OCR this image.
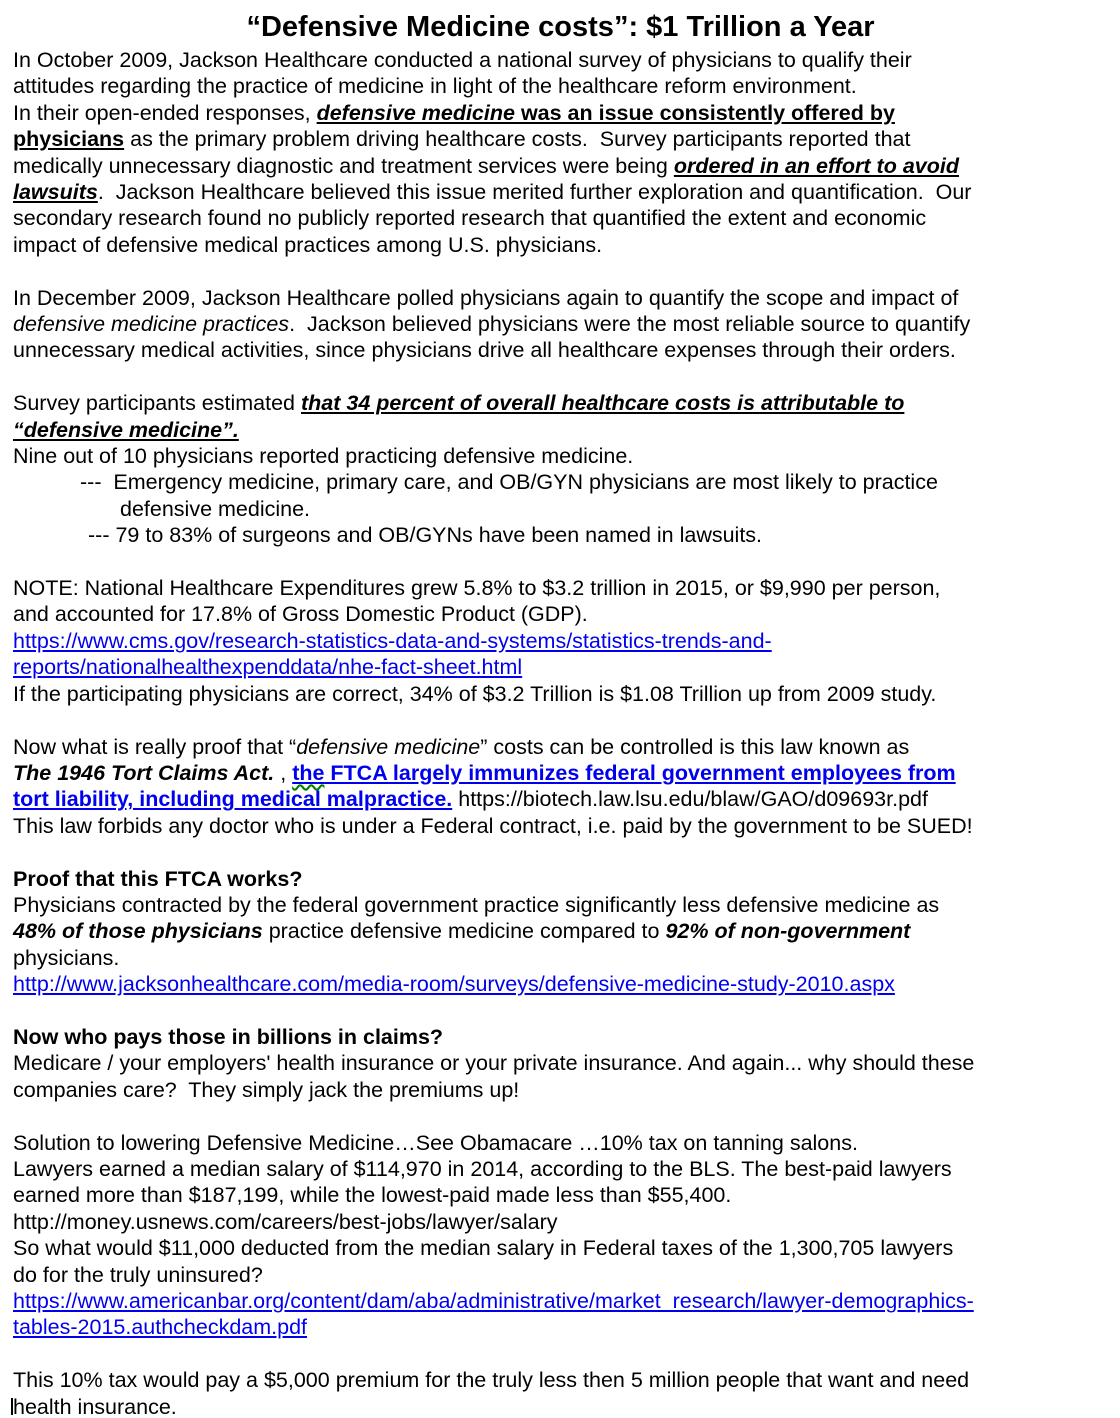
“Defensive Medicine costs”: $1 Trillion a Year
In October 2009, Jackson Healthcare conducted a national survey of physicians to qualify their
attitudes regarding the practice of medicine in light of the healthcare reform environment.
In their open-ended responses, defensive medicine was an issue consistently offered by
physicians as the primary problem driving healthcare costs.  Survey participants reported that
medically unnecessary diagnostic and treatment services were being ordered in an effort to avoid
lawsuits.  Jackson Healthcare believed this issue merited further exploration and quantification.  Our
secondary research found no publicly reported research that quantified the extent and economic
impact of defensive medical practices among U.S. physicians.
In December 2009, Jackson Healthcare polled physicians again to quantify the scope and impact of
defensive medicine practices.  Jackson believed physicians were the most reliable source to quantify
unnecessary medical activities, since physicians drive all healthcare expenses through their orders.
Survey participants estimated that 34 percent of overall healthcare costs is attributable to
“defensive medicine”.
Nine out of 10 physicians reported practicing defensive medicine.
---  Emergency medicine, primary care, and OB/GYN physicians are most likely to practice
defensive medicine.
--- 79 to 83% of surgeons and OB/GYNs have been named in lawsuits.
NOTE: National Healthcare Expenditures grew 5.8% to $3.2 trillion in 2015, or $9,990 per person,
and accounted for 17.8% of Gross Domestic Product (GDP).
https://www.cms.gov/research-statistics-data-and-systems/statistics-trends-and-
reports/nationalhealthexpenddata/nhe-fact-sheet.html
If the participating physicians are correct, 34% of $3.2 Trillion is $1.08 Trillion up from 2009 study.
Now what is really proof that “defensive medicine” costs can be controlled is this law known as
The 1946 Tort Claims Act. , the FTCA largely immunizes federal government employees from
tort liability, including medical malpractice. https://biotech.law.lsu.edu/blaw/GAO/d09693r.pdf
This law forbids any doctor who is under a Federal contract, i.e. paid by the government to be SUED!
Proof that this FTCA works?
Physicians contracted by the federal government practice significantly less defensive medicine as
48% of those physicians practice defensive medicine compared to 92% of non-government
physicians.
http://www.jacksonhealthcare.com/media-room/surveys/defensive-medicine-study-2010.aspx
Now who pays those in billions in claims?
Medicare / your employers' health insurance or your private insurance. And again... why should these
companies care?  They simply jack the premiums up!
Solution to lowering Defensive Medicine…See Obamacare …10% tax on tanning salons.
Lawyers earned a median salary of $114,970 in 2014, according to the BLS. The best-paid lawyers
earned more than $187,199, while the lowest-paid made less than $55,400.
http://money.usnews.com/careers/best-jobs/lawyer/salary
So what would $11,000 deducted from the median salary in Federal taxes of the 1,300,705 lawyers
do for the truly uninsured?
https://www.americanbar.org/content/dam/aba/administrative/market_research/lawyer-demographics-
tables-2015.authcheckdam.pdf
This 10% tax would pay a $5,000 premium for the truly less then 5 million people that want and need
health insurance.
